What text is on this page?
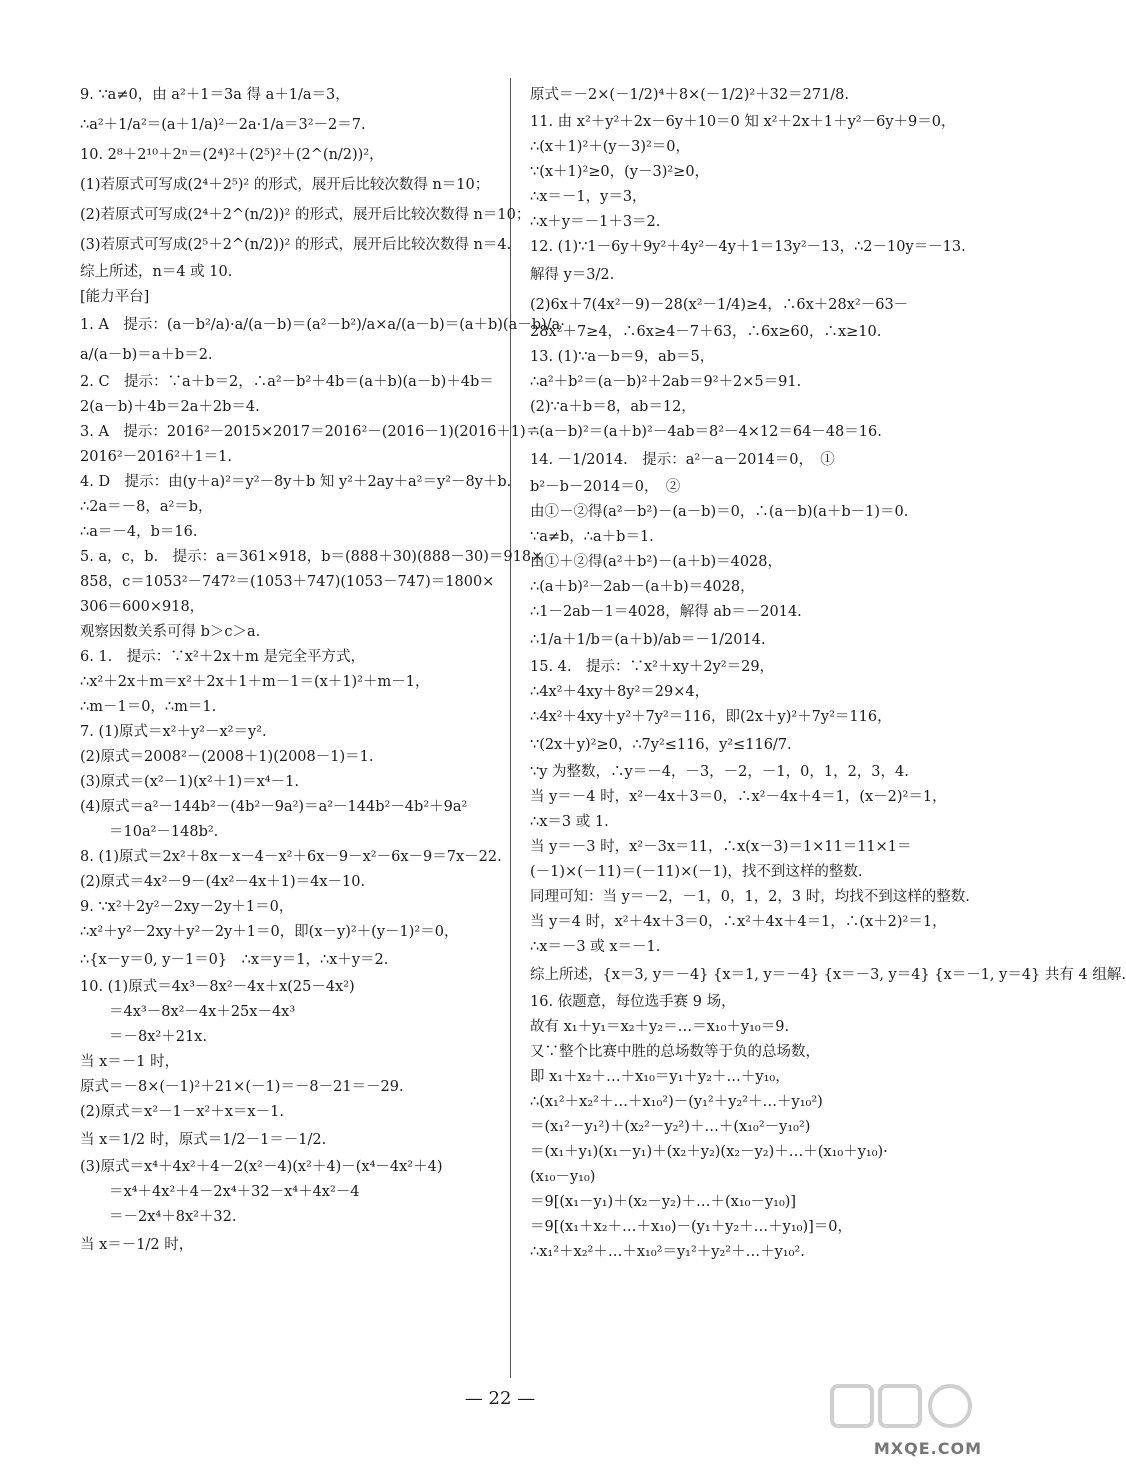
9. ∵a≠0，由 a²＋1＝3a 得 a＋1/a＝3，
∴a²＋1/a²＝(a＋1/a)²－2a·1/a＝3²－2＝7.
10. 2⁸＋2¹⁰＋2ⁿ＝(2⁴)²＋(2⁵)²＋(2^(n/2))²，
(1)若原式可写成(2⁴＋2⁵)² 的形式，展开后比较次数得 n＝10；
(2)若原式可写成(2⁴＋2^(n/2))² 的形式，展开后比较次数得 n＝10；
(3)若原式可写成(2⁵＋2^(n/2))² 的形式，展开后比较次数得 n＝4.
综上所述，n＝4 或 10.
[能力平台]
1. A　提示：(a－b²/a)·a/(a－b)＝(a²－b²)/a×a/(a－b)＝(a＋b)(a－b)/a·
a/(a－b)＝a＋b＝2.
2. C　提示：∵a＋b＝2，∴a²－b²＋4b＝(a＋b)(a－b)＋4b＝
2(a－b)＋4b＝2a＋2b＝4.
3. A　提示：2016²－2015×2017＝2016²－(2016－1)(2016＋1)＝
2016²－2016²＋1＝1.
4. D　提示：由(y＋a)²＝y²－8y＋b 知 y²＋2ay＋a²＝y²－8y＋b.
∴2a＝－8，a²＝b，
∴a＝－4，b＝16.
5. a，c，b.　提示：a＝361×918，b＝(888＋30)(888－30)＝918×
858，c＝1053²－747²＝(1053＋747)(1053－747)＝1800×
306＝600×918，
观察因数关系可得 b＞c＞a.
6. 1.　提示：∵x²＋2x＋m 是完全平方式，
∴x²＋2x＋m＝x²＋2x＋1＋m－1＝(x＋1)²＋m－1，
∴m－1＝0，∴m＝1.
7. (1)原式＝x²＋y²－x²＝y².
(2)原式＝2008²－(2008＋1)(2008－1)＝1.
(3)原式＝(x²－1)(x²＋1)＝x⁴－1.
(4)原式＝a²－144b²－(4b²－9a²)＝a²－144b²－4b²＋9a²
　　＝10a²－148b².
8. (1)原式＝2x²＋8x－x－4－x²＋6x－9－x²－6x－9＝7x－22.
(2)原式＝4x²－9－(4x²－4x＋1)＝4x－10.
9. ∵x²＋2y²－2xy－2y＋1＝0，
∴x²＋y²－2xy＋y²－2y＋1＝0，即(x－y)²＋(y－1)²＝0，
∴{x－y＝0, y－1＝0}　∴x＝y＝1，∴x＋y＝2.
10. (1)原式＝4x³－8x²－4x＋x(25－4x²)
　　＝4x³－8x²－4x＋25x－4x³
　　＝－8x²＋21x.
当 x＝－1 时，
原式＝－8×(－1)²＋21×(－1)＝－8－21＝－29.
(2)原式＝x²－1－x²＋x＝x－1.
当 x＝1/2 时，原式＝1/2－1＝－1/2.
(3)原式＝x⁴＋4x²＋4－2(x²－4)(x²＋4)－(x⁴－4x²＋4)
　　＝x⁴＋4x²＋4－2x⁴＋32－x⁴＋4x²－4
　　＝－2x⁴＋8x²＋32.
当 x＝－1/2 时，
原式＝－2×(－1/2)⁴＋8×(－1/2)²＋32＝271/8.
11. 由 x²＋y²＋2x－6y＋10＝0 知 x²＋2x＋1＋y²－6y＋9＝0，
∴(x＋1)²＋(y－3)²＝0，
∵(x＋1)²≥0，(y－3)²≥0，
∴x＝－1，y＝3，
∴x＋y＝－1＋3＝2.
12. (1)∵1－6y＋9y²＋4y²－4y＋1＝13y²－13，∴2－10y＝－13.
解得 y＝3/2.
(2)6x＋7(4x²－9)－28(x²－1/4)≥4，∴6x＋28x²－63－
28x²＋7≥4，∴6x≥4－7＋63，∴6x≥60，∴x≥10.
13. (1)∵a－b＝9，ab＝5，
∴a²＋b²＝(a－b)²＋2ab＝9²＋2×5＝91.
(2)∵a＋b＝8，ab＝12，
∴(a－b)²＝(a＋b)²－4ab＝8²－4×12＝64－48＝16.
14. －1/2014.　提示：a²－a－2014＝0，　①
b²－b－2014＝0，　②
由①－②得(a²－b²)－(a－b)＝0，∴(a－b)(a＋b－1)＝0.
∵a≠b，∴a＋b＝1.
由①＋②得(a²＋b²)－(a＋b)＝4028，
∴(a＋b)²－2ab－(a＋b)＝4028，
∴1－2ab－1＝4028，解得 ab＝－2014.
∴1/a＋1/b＝(a＋b)/ab＝－1/2014.
15. 4.　提示：∵x²＋xy＋2y²＝29，
∴4x²＋4xy＋8y²＝29×4，
∴4x²＋4xy＋y²＋7y²＝116，即(2x＋y)²＋7y²＝116，
∵(2x＋y)²≥0，∴7y²≤116，y²≤116/7.
∵y 为整数，∴y＝－4，－3，－2，－1，0，1，2，3，4.
当 y＝－4 时，x²－4x＋3＝0，∴x²－4x＋4＝1，(x－2)²＝1，
∴x＝3 或 1.
当 y＝－3 时，x²－3x＝11，∴x(x－3)＝1×11＝11×1＝
(－1)×(－11)＝(－11)×(－1)，找不到这样的整数.
同理可知：当 y＝－2，－1，0，1，2，3 时，均找不到这样的整数.
当 y＝4 时，x²＋4x＋3＝0，∴x²＋4x＋4＝1，∴(x＋2)²＝1，
∴x＝－3 或 x＝－1.
综上所述，{x＝3, y＝－4} {x＝1, y＝－4} {x＝－3, y＝4} {x＝－1, y＝4} 共有 4 组解.
16. 依题意，每位选手赛 9 场，
故有 x₁＋y₁＝x₂＋y₂＝…＝x₁₀＋y₁₀＝9.
又∵整个比赛中胜的总场数等于负的总场数，
即 x₁＋x₂＋…＋x₁₀＝y₁＋y₂＋…＋y₁₀，
∴(x₁²＋x₂²＋…＋x₁₀²)－(y₁²＋y₂²＋…＋y₁₀²)
＝(x₁²－y₁²)＋(x₂²－y₂²)＋…＋(x₁₀²－y₁₀²)
＝(x₁＋y₁)(x₁－y₁)＋(x₂＋y₂)(x₂－y₂)＋…＋(x₁₀＋y₁₀)·
(x₁₀－y₁₀)
＝9[(x₁－y₁)＋(x₂－y₂)＋…＋(x₁₀－y₁₀)]
＝9[(x₁＋x₂＋…＋x₁₀)－(y₁＋y₂＋…＋y₁₀)]＝0，
∴x₁²＋x₂²＋…＋x₁₀²＝y₁²＋y₂²＋…＋y₁₀².
— 22 —
MXQE.COM
